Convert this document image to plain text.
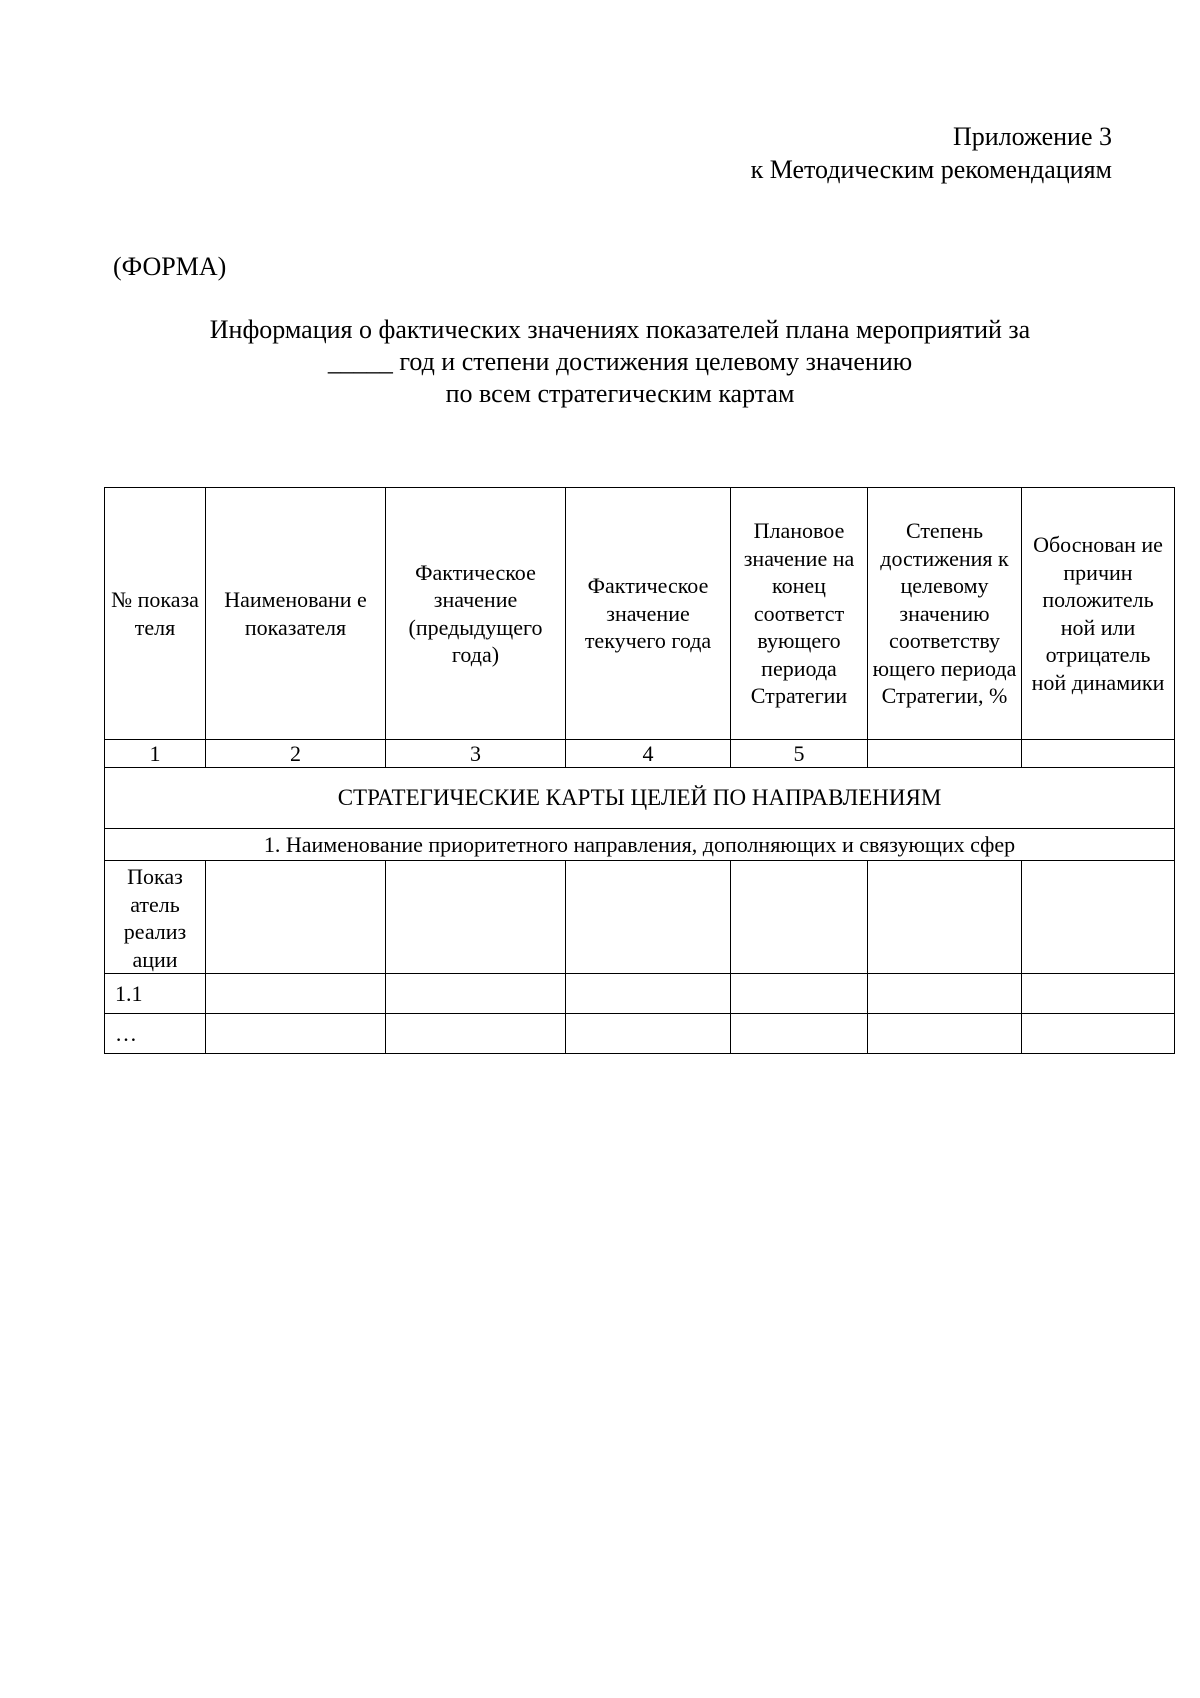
Приложение 3
к Методическим рекомендациям
(ФОРМА)
Информация о фактических значениях показателей плана мероприятий за
_____ год и степени достижения целевому значению
по всем стратегическим картам
№ показа теля	Наименовани е показателя	Фактическое значение (предыдущего года)	Фактическое значение текучего года	Плановое значение на конец соответст вующего периода Стратегии	Степень достижения к целевому значению соответству ющего периода Стратегии, %	Обоснован ие причин положитель ной или отрицатель ной динамики
1	2	3	4	5		
СТРАТЕГИЧЕСКИЕ КАРТЫ ЦЕЛЕЙ ПО НАПРАВЛЕНИЯМ						
1. Наименование приоритетного направления, дополняющих и связующих сфер						
Показ атель реализ ации						
1.1						
…						
